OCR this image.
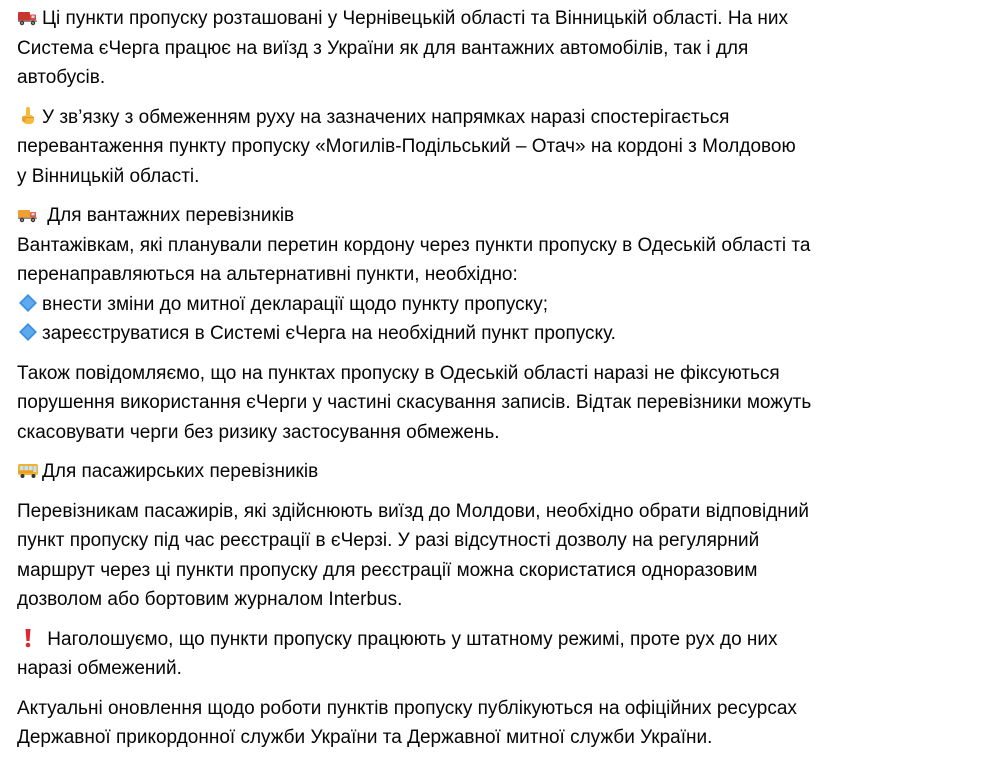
Ці пункти пропуску розташовані у Чернівецькій області та Вінницькій області. На них
Система єЧерга працює на виїзд з України як для вантажних автомобілів, так і для
автобусів.
У зв’язку з обмеженням руху на зазначених напрямках наразі спостерігається
перевантаження пункту пропуску «Могилів-Подільський – Отач» на кордоні з Молдовою
у Вінницькій області.
Для вантажних перевізників
Вантажівкам, які планували перетин кордону через пункти пропуску в Одеській області та
перенаправляються на альтернативні пункти, необхідно:
внести зміни до митної декларації щодо пункту пропуску;
зареєструватися в Системі єЧерга на необхідний пункт пропуску.
Також повідомляємо, що на пунктах пропуску в Одеській області наразі не фіксуються
порушення використання єЧерги у частині скасування записів. Відтак перевізники можуть
скасовувати черги без ризику застосування обмежень.
Для пасажирських перевізників
Перевізникам пасажирів, які здійснюють виїзд до Молдови, необхідно обрати відповідний
пункт пропуску під час реєстрації в єЧерзі. У разі відсутності дозволу на регулярний
маршрут через ці пункти пропуску для реєстрації можна скористатися одноразовим
дозволом або бортовим журналом Interbus.
Наголошуємо, що пункти пропуску працюють у штатному режимі, проте рух до них
наразі обмежений.
Актуальні оновлення щодо роботи пунктів пропуску публікуються на офіційних ресурсах
Державної прикордонної служби України та Державної митної служби України.
